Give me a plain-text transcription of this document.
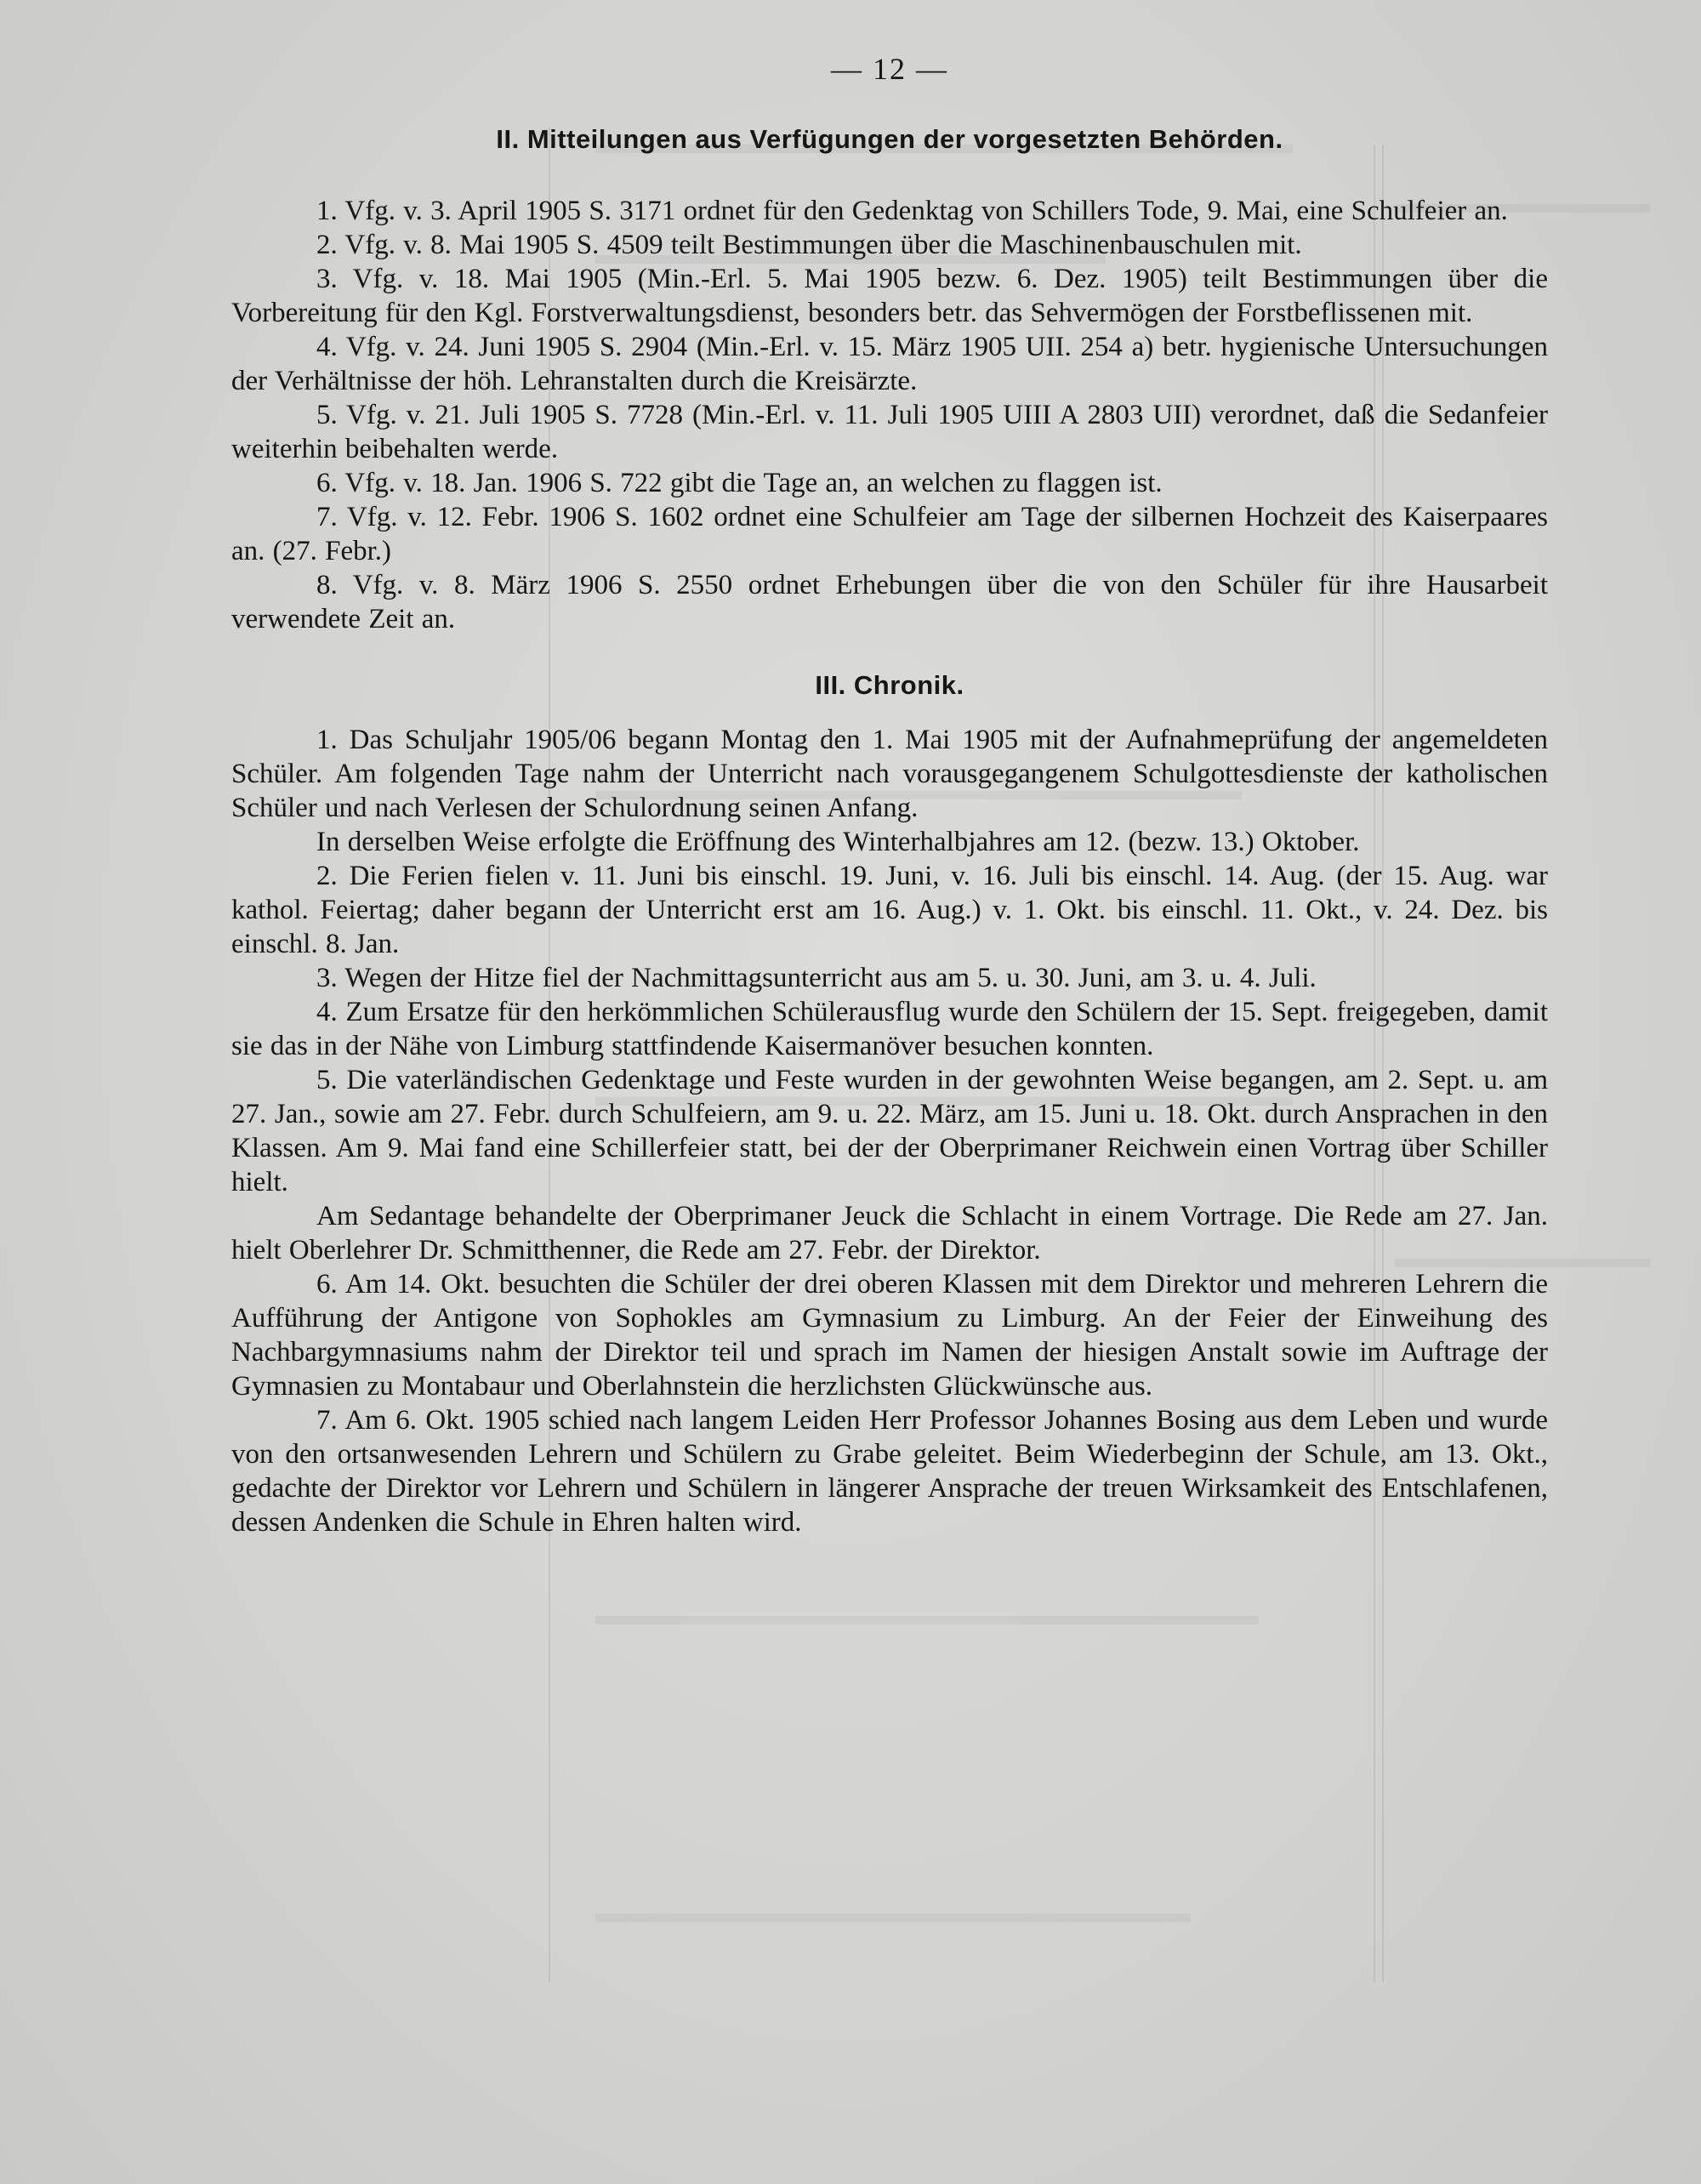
— 12 —
II. Mitteilungen aus Verfügungen der vorgesetzten Behörden.

1. Vfg. v. 3. April 1905 S. 3171 ordnet für den Gedenktag von Schillers Tode, 9. Mai, eine Schulfeier an.

2. Vfg. v. 8. Mai 1905 S. 4509 teilt Bestimmungen über die Maschinenbauschulen mit.

3. Vfg. v. 18. Mai 1905 (Min.-Erl. 5. Mai 1905 bezw. 6. Dez. 1905) teilt Bestimmungen über die Vorbereitung für den Kgl. Forstverwaltungsdienst, besonders betr. das Sehvermögen der Forstbeflissenen mit.

4. Vfg. v. 24. Juni 1905 S. 2904 (Min.-Erl. v. 15. März 1905 UII. 254 a) betr. hygienische Untersuchungen der Verhältnisse der höh. Lehranstalten durch die Kreisärzte.

5. Vfg. v. 21. Juli 1905 S. 7728 (Min.-Erl. v. 11. Juli 1905 UIII A 2803 UII) verordnet, daß die Sedanfeier weiterhin beibehalten werde.

6. Vfg. v. 18. Jan. 1906 S. 722 gibt die Tage an, an welchen zu flaggen ist.

7. Vfg. v. 12. Febr. 1906 S. 1602 ordnet eine Schulfeier am Tage der silbernen Hochzeit des Kaiserpaares an. (27. Febr.)

8. Vfg. v. 8. März 1906 S. 2550 ordnet Erhebungen über die von den Schüler für ihre Hausarbeit verwendete Zeit an.

III. Chronik.

1. Das Schuljahr 1905/06 begann Montag den 1. Mai 1905 mit der Aufnahmeprüfung der angemeldeten Schüler. Am folgenden Tage nahm der Unterricht nach vorausgegangenem Schulgottesdienste der katholischen Schüler und nach Verlesen der Schulordnung seinen Anfang.

In derselben Weise erfolgte die Eröffnung des Winterhalbjahres am 12. (bezw. 13.) Oktober.

2. Die Ferien fielen v. 11. Juni bis einschl. 19. Juni, v. 16. Juli bis einschl. 14. Aug. (der 15. Aug. war kathol. Feiertag; daher begann der Unterricht erst am 16. Aug.) v. 1. Okt. bis einschl. 11. Okt., v. 24. Dez. bis einschl. 8. Jan.

3. Wegen der Hitze fiel der Nachmittagsunterricht aus am 5. u. 30. Juni, am 3. u. 4. Juli.

4. Zum Ersatze für den herkömmlichen Schülerausflug wurde den Schülern der 15. Sept. freigegeben, damit sie das in der Nähe von Limburg stattfindende Kaisermanöver besuchen konnten.

5. Die vaterländischen Gedenktage und Feste wurden in der gewohnten Weise begangen, am 2. Sept. u. am 27. Jan., sowie am 27. Febr. durch Schulfeiern, am 9. u. 22. März, am 15. Juni u. 18. Okt. durch Ansprachen in den Klassen. Am 9. Mai fand eine Schillerfeier statt, bei der der Oberprimaner Reichwein einen Vortrag über Schiller hielt.

Am Sedantage behandelte der Oberprimaner Jeuck die Schlacht in einem Vortrage. Die Rede am 27. Jan. hielt Oberlehrer Dr. Schmitthenner, die Rede am 27. Febr. der Direktor.

6. Am 14. Okt. besuchten die Schüler der drei oberen Klassen mit dem Direktor und mehreren Lehrern die Aufführung der Antigone von Sophokles am Gymnasium zu Limburg. An der Feier der Einweihung des Nachbargymnasiums nahm der Direktor teil und sprach im Namen der hiesigen Anstalt sowie im Auftrage der Gymnasien zu Montabaur und Oberlahnstein die herzlichsten Glückwünsche aus.

7. Am 6. Okt. 1905 schied nach langem Leiden Herr Professor Johannes Bosing aus dem Leben und wurde von den ortsanwesenden Lehrern und Schülern zu Grabe geleitet. Beim Wiederbeginn der Schule, am 13. Okt., gedachte der Direktor vor Lehrern und Schülern in längerer Ansprache der treuen Wirksamkeit des Entschlafenen, dessen Andenken die Schule in Ehren halten wird.
